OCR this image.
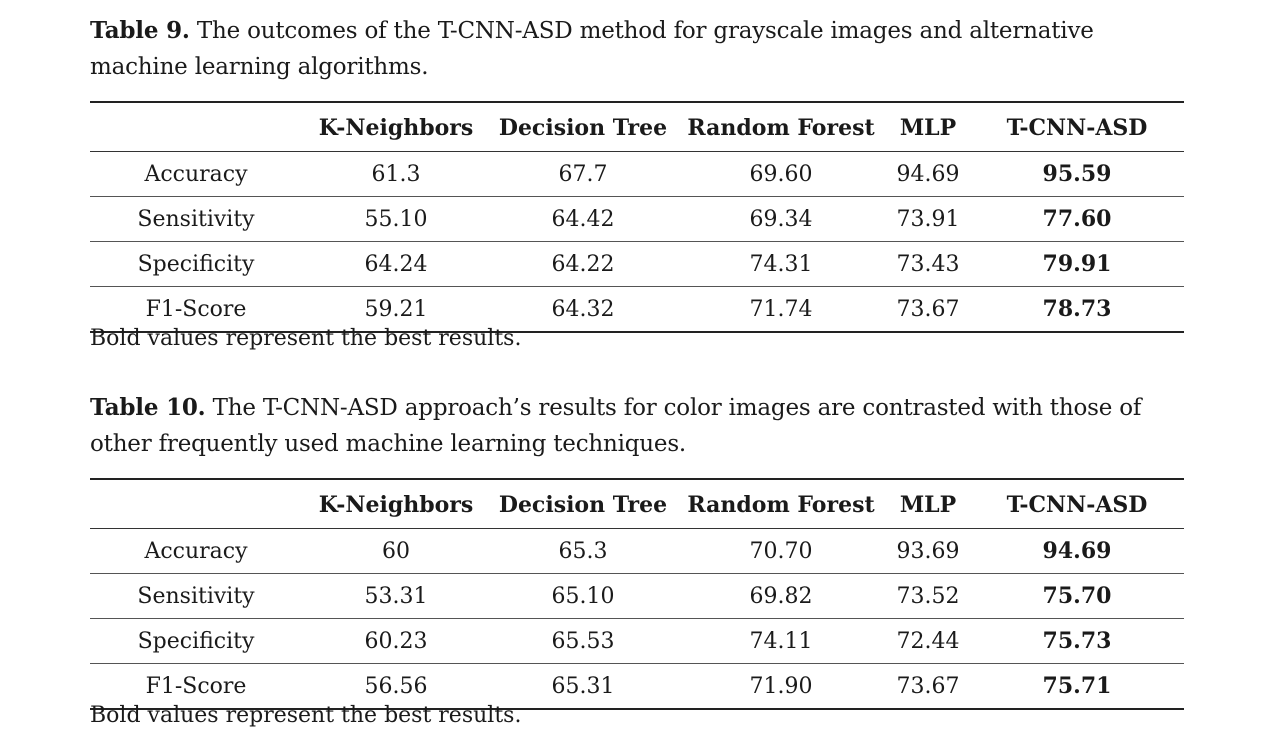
Table 9. The outcomes of the T-CNN-ASD method for grayscale images and alternative machine learning algorithms.

	K-Neighbors	Decision Tree	Random Forest	MLP	T-CNN-ASD
Accuracy	61.3	67.7	69.60	94.69	95.59
Sensitivity	55.10	64.42	69.34	73.91	77.60
Specificity	64.24	64.22	74.31	73.43	79.91
F1-Score	59.21	64.32	71.74	73.67	78.73
Bold values represent the best results.

Table 10. The T-CNN-ASD approach’s results for color images are contrasted with those of other frequently used machine learning techniques.

	K-Neighbors	Decision Tree	Random Forest	MLP	T-CNN-ASD
Accuracy	60	65.3	70.70	93.69	94.69
Sensitivity	53.31	65.10	69.82	73.52	75.70
Specificity	60.23	65.53	74.11	72.44	75.73
F1-Score	56.56	65.31	71.90	73.67	75.71
Bold values represent the best results.
